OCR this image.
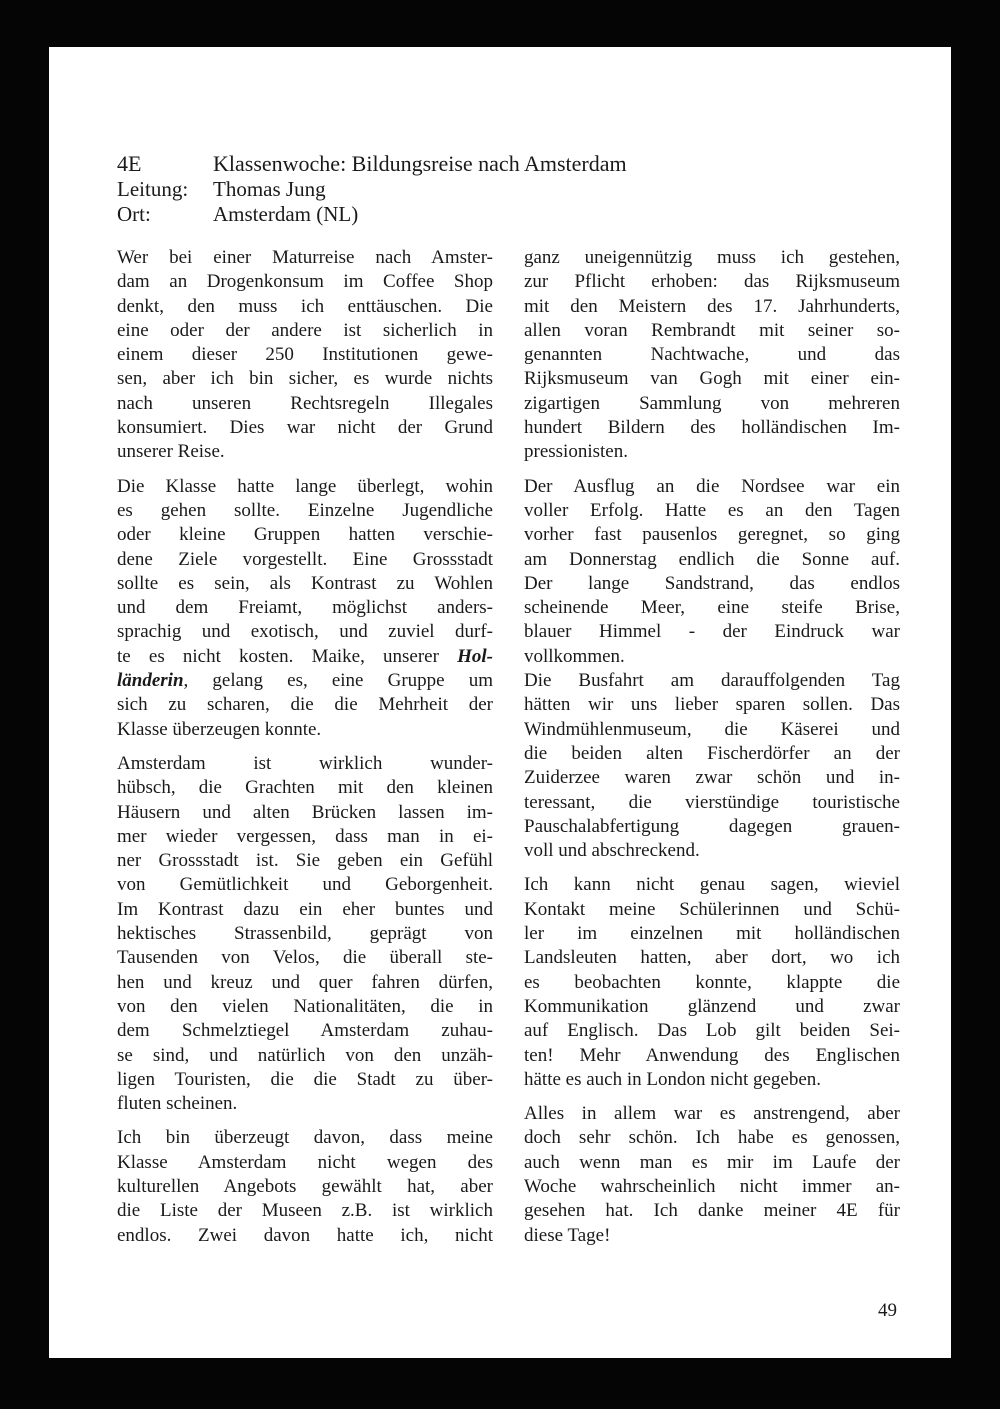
4E	Klassenwoche: Bildungsreise nach Amsterdam
Leitung:	Thomas Jung
Ort:	Amsterdam (NL)
Wer bei einer Maturreise nach Amster-
dam an Drogenkonsum im Coffee Shop
denkt, den muss ich enttäuschen. Die
eine oder der andere ist sicherlich in
einem dieser 250 Institutionen gewe-
sen, aber ich bin sicher, es wurde nichts
nach unseren Rechtsregeln Illegales
konsumiert. Dies war nicht der Grund
unserer Reise.
Die Klasse hatte lange überlegt, wohin
es gehen sollte. Einzelne Jugendliche
oder kleine Gruppen hatten verschie-
dene Ziele vorgestellt. Eine Grossstadt
sollte es sein, als Kontrast zu Wohlen
und dem Freiamt, möglichst anders-
sprachig und exotisch, und zuviel durf-
te es nicht kosten. Maike, unserer Hol-
länderin, gelang es, eine Gruppe um
sich zu scharen, die die Mehrheit der
Klasse überzeugen konnte.
Amsterdam ist wirklich wunder-
hübsch, die Grachten mit den kleinen
Häusern und alten Brücken lassen im-
mer wieder vergessen, dass man in ei-
ner Grossstadt ist. Sie geben ein Gefühl
von Gemütlichkeit und Geborgenheit.
Im Kontrast dazu ein eher buntes und
hektisches Strassenbild, geprägt von
Tausenden von Velos, die überall ste-
hen und kreuz und quer fahren dürfen,
von den vielen Nationalitäten, die in
dem Schmelztiegel Amsterdam zuhau-
se sind, und natürlich von den unzäh-
ligen Touristen, die die Stadt zu über-
fluten scheinen.
Ich bin überzeugt davon, dass meine
Klasse Amsterdam nicht wegen des
kulturellen Angebots gewählt hat, aber
die Liste der Museen z.B. ist wirklich
endlos. Zwei davon hatte ich, nicht
ganz uneigennützig muss ich gestehen,
zur Pflicht erhoben: das Rijksmuseum
mit den Meistern des 17. Jahrhunderts,
allen voran Rembrandt mit seiner so-
genannten Nachtwache, und das
Rijksmuseum van Gogh mit einer ein-
zigartigen Sammlung von mehreren
hundert Bildern des holländischen Im-
pressionisten.
Der Ausflug an die Nordsee war ein
voller Erfolg. Hatte es an den Tagen
vorher fast pausenlos geregnet, so ging
am Donnerstag endlich die Sonne auf.
Der lange Sandstrand, das endlos
scheinende Meer, eine steife Brise,
blauer Himmel - der Eindruck war
vollkommen.
Die Busfahrt am darauffolgenden Tag
hätten wir uns lieber sparen sollen. Das
Windmühlenmuseum, die Käserei und
die beiden alten Fischerdörfer an der
Zuiderzee waren zwar schön und in-
teressant, die vierstündige touristische
Pauschalabfertigung dagegen grauen-
voll und abschreckend.
Ich kann nicht genau sagen, wieviel
Kontakt meine Schülerinnen und Schü-
ler im einzelnen mit holländischen
Landsleuten hatten, aber dort, wo ich
es beobachten konnte, klappte die
Kommunikation glänzend und zwar
auf Englisch. Das Lob gilt beiden Sei-
ten! Mehr Anwendung des Englischen
hätte es auch in London nicht gegeben.
Alles in allem war es anstrengend, aber
doch sehr schön. Ich habe es genossen,
auch wenn man es mir im Laufe der
Woche wahrscheinlich nicht immer an-
gesehen hat. Ich danke meiner 4E für
diese Tage!
49
